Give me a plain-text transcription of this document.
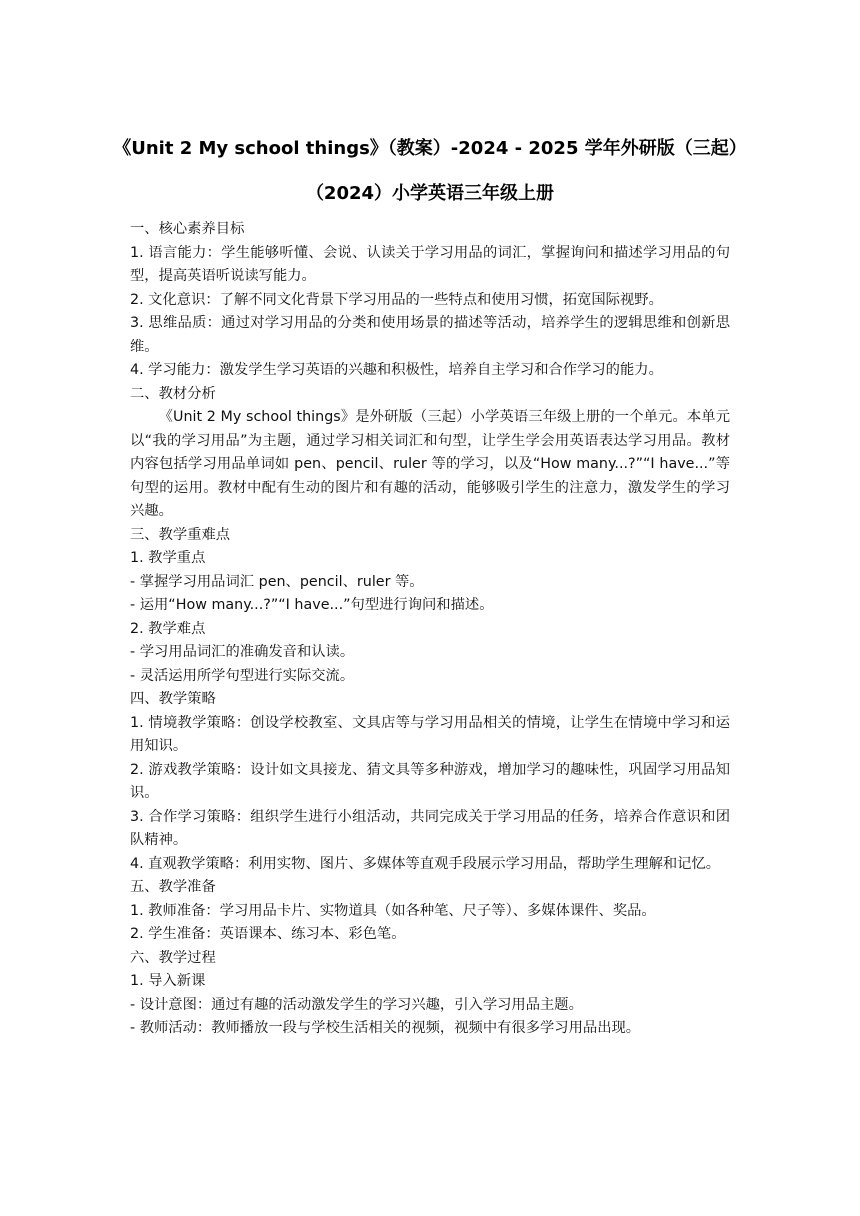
《Unit 2 My school things》（教案）-2024 - 2025 学年外研版（三起）
（2024）小学英语三年级上册

一、核心素养目标

1. 语言能力：学生能够听懂、会说、认读关于学习用品的词汇，掌握询问和描述学习用品的句型，提高英语听说读写能力。

2. 文化意识：了解不同文化背景下学习用品的一些特点和使用习惯，拓宽国际视野。

3. 思维品质：通过对学习用品的分类和使用场景的描述等活动，培养学生的逻辑思维和创新思维。

4. 学习能力：激发学生学习英语的兴趣和积极性，培养自主学习和合作学习的能力。

二、教材分析

《Unit 2 My school things》是外研版（三起）小学英语三年级上册的一个单元。本单元以“我的学习用品”为主题，通过学习相关词汇和句型，让学生学会用英语表达学习用品。教材内容包括学习用品单词如 pen、pencil、ruler 等的学习，以及“How many...?”“I have...”等句型的运用。教材中配有生动的图片和有趣的活动，能够吸引学生的注意力，激发学生的学习兴趣。

三、教学重难点

1. 教学重点

- 掌握学习用品词汇 pen、pencil、ruler 等。

- 运用“How many...?”“I have...”句型进行询问和描述。

2. 教学难点

- 学习用品词汇的准确发音和认读。

- 灵活运用所学句型进行实际交流。

四、教学策略

1. 情境教学策略：创设学校教室、文具店等与学习用品相关的情境，让学生在情境中学习和运用知识。

2. 游戏教学策略：设计如文具接龙、猜文具等多种游戏，增加学习的趣味性，巩固学习用品知识。

3. 合作学习策略：组织学生进行小组活动，共同完成关于学习用品的任务，培养合作意识和团队精神。

4. 直观教学策略：利用实物、图片、多媒体等直观手段展示学习用品，帮助学生理解和记忆。

五、教学准备

1. 教师准备：学习用品卡片、实物道具（如各种笔、尺子等）、多媒体课件、奖品。

2. 学生准备：英语课本、练习本、彩色笔。

六、教学过程

1. 导入新课

- 设计意图：通过有趣的活动激发学生的学习兴趣，引入学习用品主题。

- 教师活动：教师播放一段与学校生活相关的视频，视频中有很多学习用品出现。
